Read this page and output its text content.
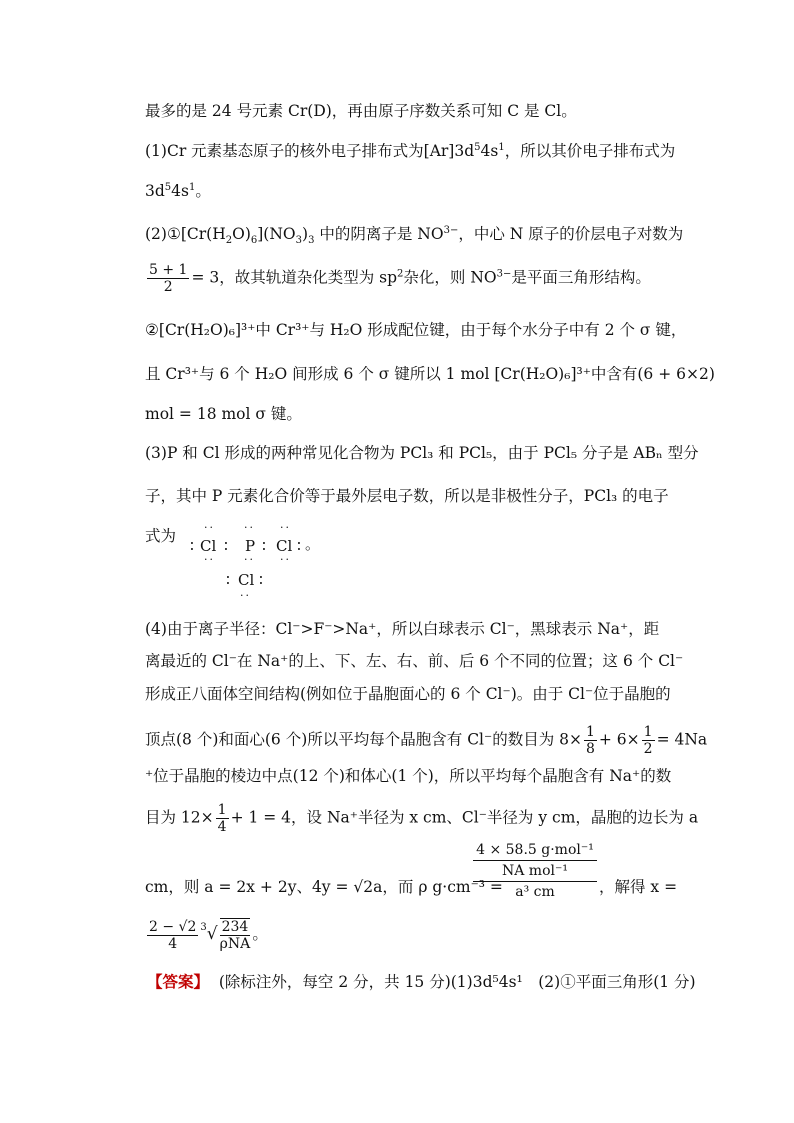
最多的是 24 号元素 Cr(D)，再由原子序数关系可知 C 是 Cl。
(1)Cr 元素基态原子的核外电子排布式为$[Ar]3d^54s^1$，所以其价电子排布式为
$3d^54s^1$。
$(2)①[Cr(H_2O)_6](NO_3)_3$ 中的阴离子是 $NO^{3-}$，中心 N 原子的价层电子对数为
$\frac{5 + 1}{2} = 3$，故其轨道杂化类型为 $sp^2$杂化，则 $NO^{3-}$是平面三角形结构。
②[Cr(H₂O)₆]³⁺中 Cr³⁺与 H₂O 形成配位键，由于每个水分子中有 2 个 σ 键，
且 Cr³⁺与 6 个 H₂O 间形成 6 个 σ 键所以 1 mol [Cr(H₂O)₆]³⁺中含有(6 + 6×2)
mol = 18 mol σ 键。
(3)P 和 Cl 形成的两种常见化合物为 PCl₃ 和 PCl₅，由于 PCl₅ 分子是 ABₙ 型分
子，其中 P 元素化合价等于最外层电子数，所以是非极性分子，PCl₃ 的电子
式为	··	·· ··
∶ Cl ∶ P ∶ Cl ∶ 。
··	·· ··
∶ Cl ∶
··
(4)由于离子半径：Cl⁻>F⁻>Na⁺，所以白球表示 Cl⁻，黑球表示 Na⁺，距
离最近的 Cl⁻在 Na⁺的上、下、左、右、前、后 6 个不同的位置；这 6 个 Cl⁻
形成正八面体空间结构(例如位于晶胞面心的 6 个 Cl⁻)。由于 Cl⁻位于晶胞的
顶点(8 个)和面心(6 个)所以平均每个晶胞含有 Cl⁻的数目为 $8\times \frac{1}{8} + 6\times \frac{1}{2} = 4Na$
⁺位于晶胞的棱边中点(12 个)和体心(1 个)，所以平均每个晶胞含有 Na⁺的数
目为 $12\times \frac{1}{4} + 1 = 4$，设 Na⁺半径为 x cm、Cl⁻半径为 y cm，晶胞的边长为 a
4 × 58.5 g·mol⁻¹
NA mol⁻¹
a³ cm
cm，则 a = 2x + 2y、4y = √2a，而 ρ g·cm⁻³ =	，解得 x =
$\frac{2 - √2}{4} ^3√ \frac{234}{\text{ρNA}}$ 。
【答案】 (除标注外，每空 2 分，共 15 分)(1)3d⁵4s¹　(2)①平面三角形(1 分)
